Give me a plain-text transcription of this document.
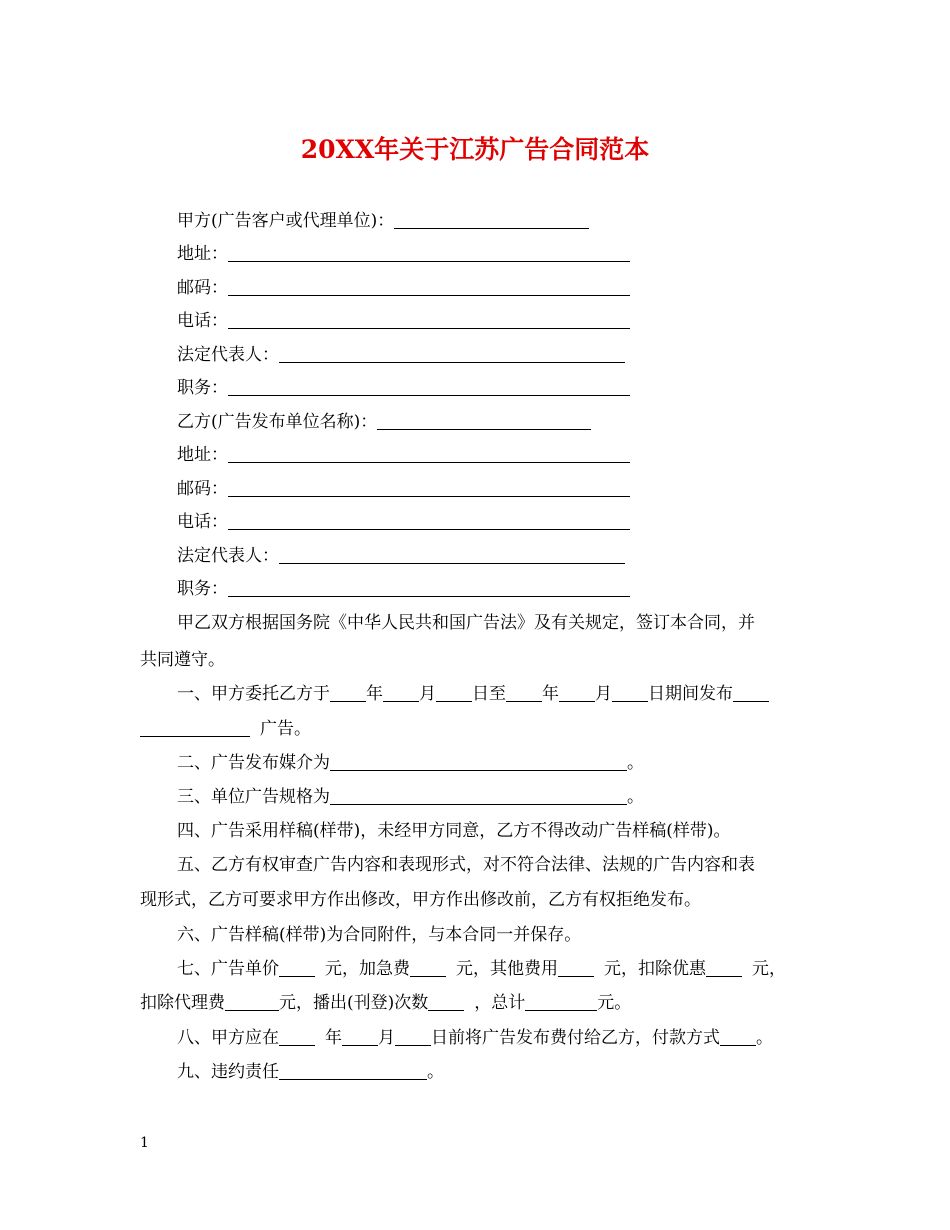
20XX年关于江苏广告合同范本
甲方(广告客户或代理单位)：
地址：
邮码：
电话：
法定代表人：
职务：
乙方(广告发布单位名称)：
地址：
邮码：
电话：
法定代表人：
职务：
甲乙双方根据国务院《中华人民共和国广告法》及有关规定，签订本合同，并
共同遵守。
一、甲方委托乙方于 年 月 日至 年 月 日期间发布
广告。
二、广告发布媒介为	。
三、单位广告规格为	。
四、广告采用样稿(样带)，未经甲方同意，乙方不得改动广告样稿(样带)。
五、乙方有权审查广告内容和表现形式，对不符合法律、法规的广告内容和表
现形式，乙方可要求甲方作出修改，甲方作出修改前，乙方有权拒绝发布。
六、广告样稿(样带)为合同附件，与本合同一并保存。
七、广告单价	元，加急费	元，其他费用	元，扣除优惠	元，
扣除代理费	元，播出(刊登)次数	，总计	元。
八、甲方应在	年 月 日前将广告发布费付给乙方，付款方式 。
九、违约责任	。
1
